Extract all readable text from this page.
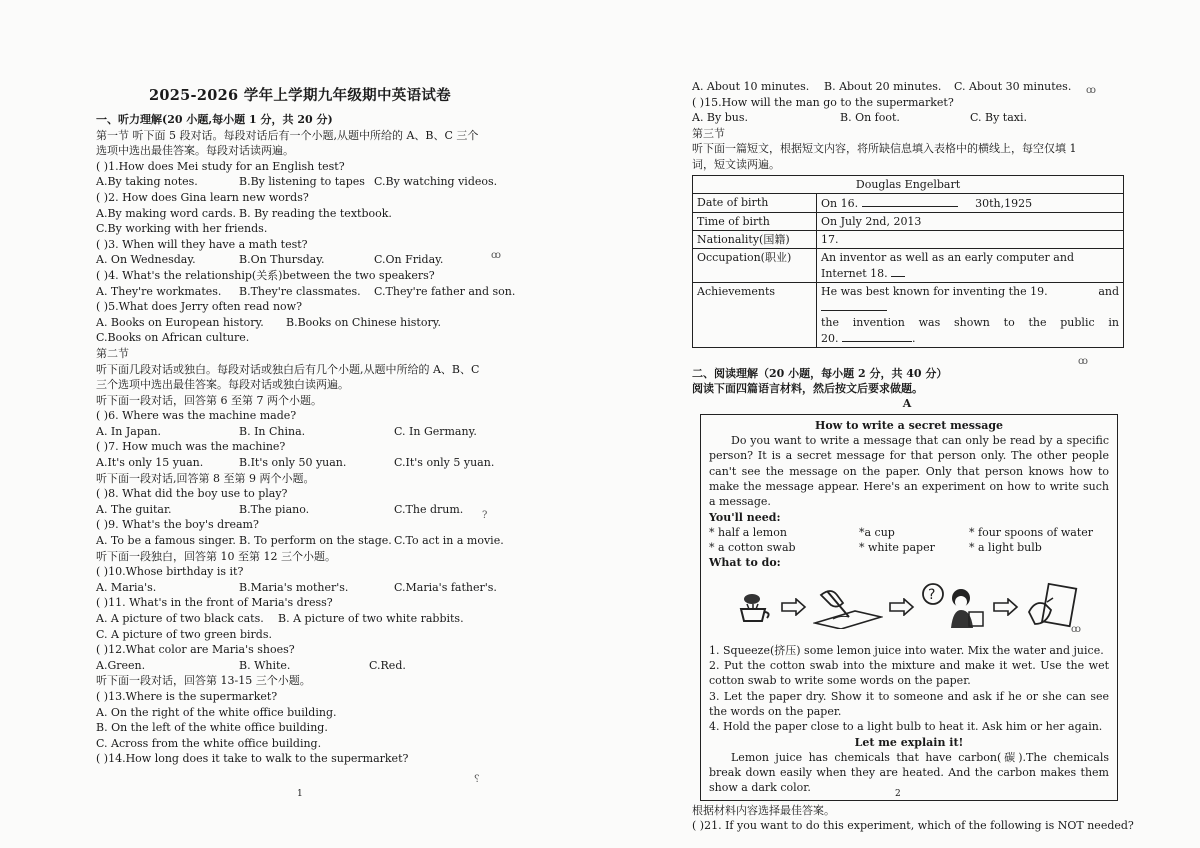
2025-2026 学年上学期九年级期中英语试卷
一、听力理解(20 小题,每小题 1 分，共 20 分)
第一节 听下面 5 段对话。每段对话后有一个小题,从题中所给的 A、B、C 三个
选项中选出最佳答案。每段对话读两遍。
( )1.How does Mei study for an English test?
A.By taking notes.	B.By listening to tapes C.By watching videos.
( )2. How does Gina learn new words?
A.By making word cards. B. By reading the textbook.
C.By working with her friends.
( )3. When will they have a math test?
A. On Wednesday.	B.On Thursday.	C.On Friday.
( )4. What's the relationship(关系)between the two speakers?
A. They're workmates.	B.They're classmates.	C.They're father and son.
( )5.What does Jerry often read now?
A. Books on European history.	B.Books on Chinese history.
C.Books on African culture.
第二节
听下面几段对话或独白。每段对话或独白后有几个小题,从题中所给的 A、B、C
三个选项中选出最佳答案。每段对话或独白读两遍。
听下面一段对话，回答第 6 至第 7 两个小题。
( )6. Where was the machine made?
A. In Japan.	B. In China.	C. In Germany.
( )7. How much was the machine?
A.It's only 15 yuan.	B.It's only 50 yuan.	C.It's only 5 yuan.
听下面一段对话,回答第 8 至第 9 两个小题。
( )8. What did the boy use to play?
A. The guitar.	B.The piano.	C.The drum.
( )9. What's the boy's dream?
A. To be a famous singer. B. To perform on the stage. C.To act in a movie.
听下面一段独白，回答第 10 至第 12 三个小题。
( )10.Whose birthday is it?
A. Maria's.	B.Maria's mother's.	C.Maria's father's.
( )11. What's in the front of Maria's dress?
A. A picture of two black cats.	B. A picture of two white rabbits.
C. A picture of two green birds.
( )12.What color are Maria's shoes?
A.Green.	B. White.	C.Red.
听下面一段对话，回答第 13-15 三个小题。
( )13.Where is the supermarket?
A. On the right of the white office building.
B. On the left of the white office building.
C. Across from the white office building.
( )14.How long does it take to walk to the supermarket?
1
ꝏ
?
⸮
A. About 10 minutes.	B. About 20 minutes.	C. About 30 minutes.
( )15.How will the man go to the supermarket?
A. By bus.	B. On foot.	C. By taxi.
第三节
听下面一篇短文，根据短文内容，将所缺信息填入表格中的横线上，每空仅填 1
词，短文读两遍。
Douglas Engelbart	
Date of birth	On 16. 30th,1925
Time of birth	On July 2nd, 2013
Nationality(国籍)	17.
Occupation(职业)	An inventor as well as an early computer and Internet 18.
Achievements	He was best known for inventing the 19. and
the invention was shown to the public in
20. .
二、阅读理解（20 小题，每小题 2 分，共 40 分）
阅读下面四篇语言材料，然后按文后要求做题。
A
How to write a secret message

Do you want to write a message that can only be read by a specific person? It is a secret message for that person only. The other people can't see the message on the paper. Only that person knows how to make the message appear. Here's an experiment on how to write such a message.

You'll need:
* half a lemon	*a cup	* four spoons of water
* a cotton swab	* white paper	* a light bulb
What to do:
?

1. Squeeze(挤压) some lemon juice into water. Mix the water and juice.

2. Put the cotton swab into the mixture and make it wet. Use the wet cotton swab to write some words on the paper.

3. Let the paper dry. Show it to someone and ask if he or she can see the words on the paper.

4. Hold the paper close to a light bulb to heat it. Ask him or her again.

Let me explain it!

Lemon juice has chemicals that have carbon(碳).The chemicals break down easily when they are heated. And the carbon makes them show a dark color.

根据材料内容选择最佳答案。
( )21. If you want to do this experiment, which of the following is NOT needed?
2
ꝏ
ꝏ
ꝏ
